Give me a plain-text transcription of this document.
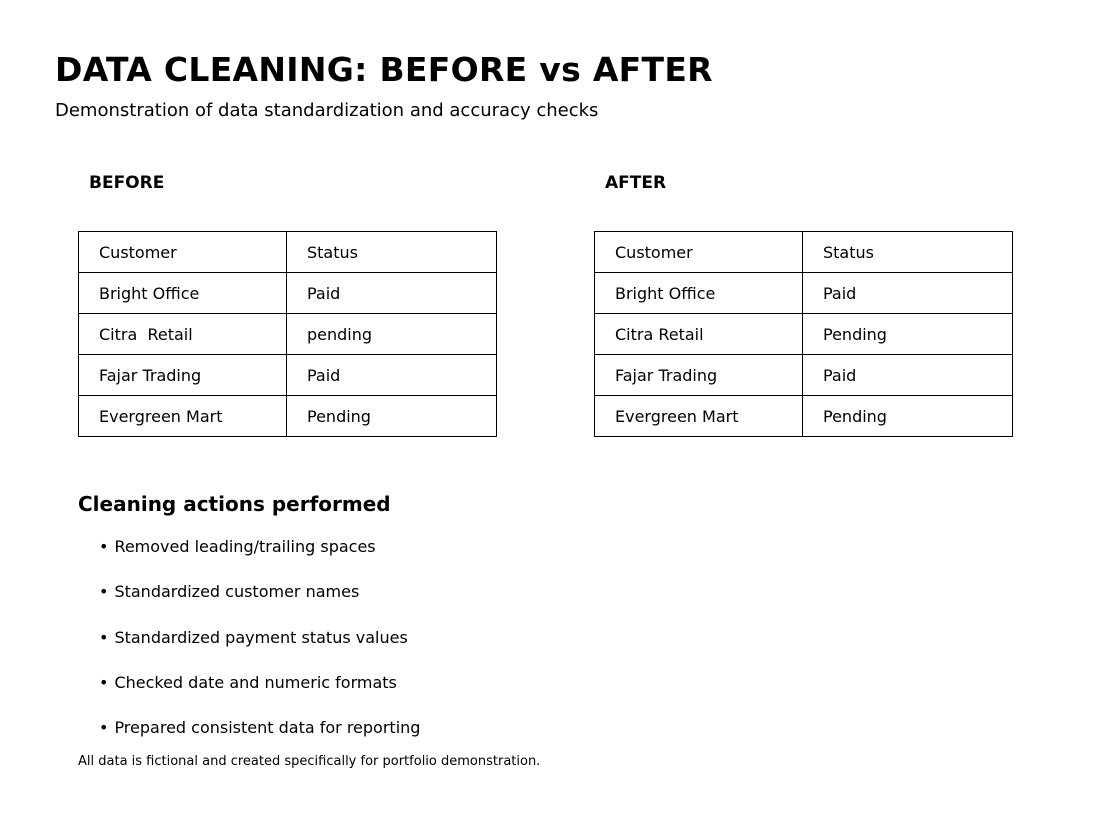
DATA CLEANING: BEFORE vs AFTER
Demonstration of data standardization and accuracy checks
BEFORE	AFTER
Customer	Status
Bright Office	Paid
Citra  Retail	pending
Fajar Trading	Paid
Evergreen Mart	Pending
Customer	Status
Bright Office	Paid
Citra Retail	Pending
Fajar Trading	Paid
Evergreen Mart	Pending
Cleaning actions performed
• Removed leading/trailing spaces
• Standardized customer names
• Standardized payment status values
• Checked date and numeric formats
• Prepared consistent data for reporting
All data is fictional and created specifically for portfolio demonstration.
